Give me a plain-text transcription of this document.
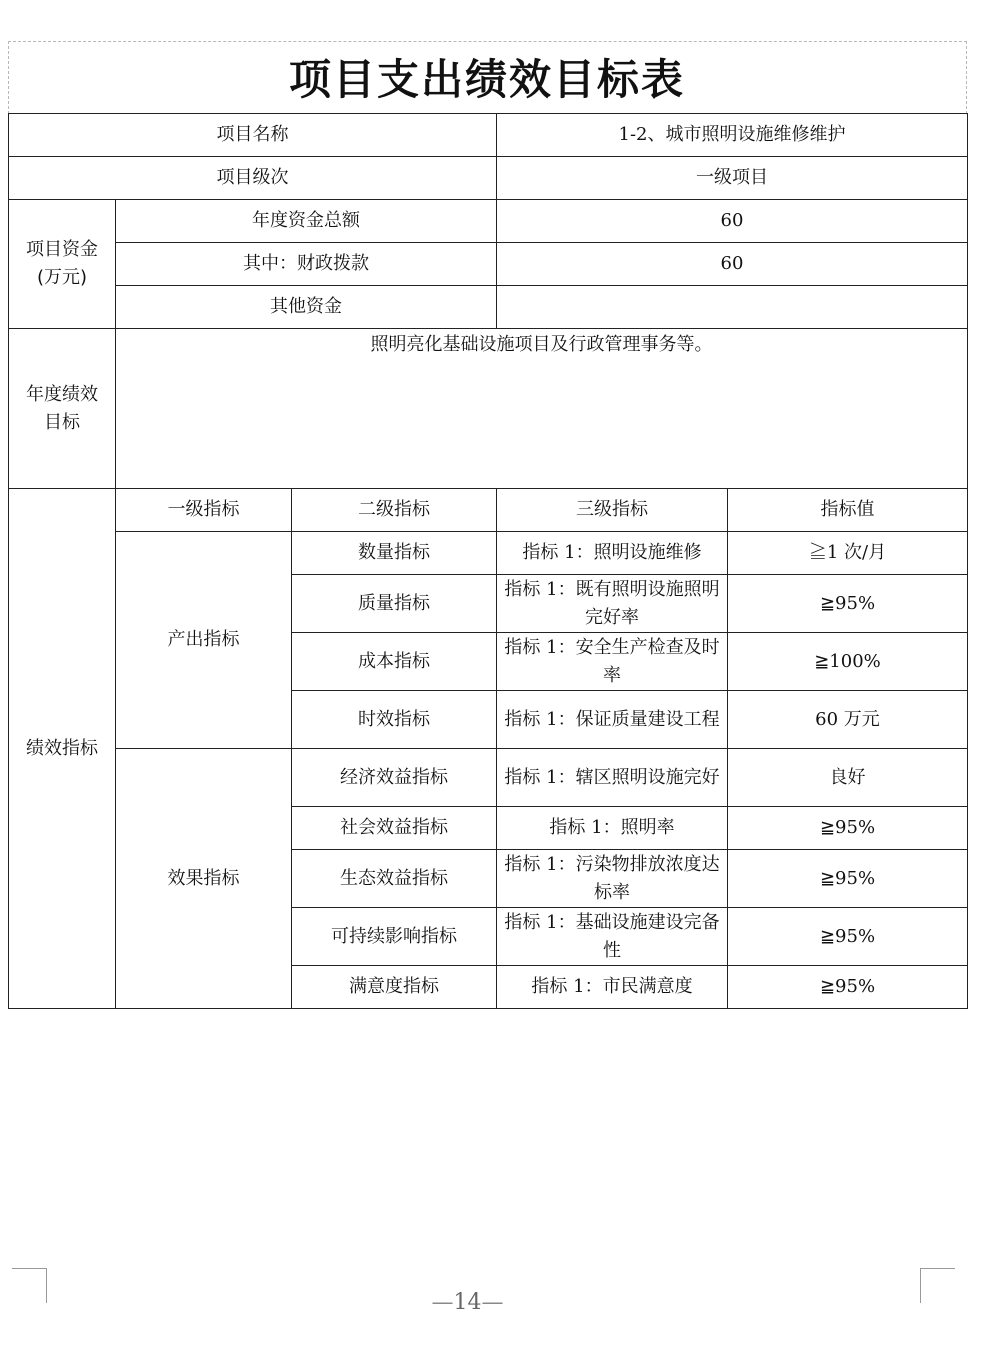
项目支出绩效目标表
项目名称			1-2、城市照明设施维修维护	
项目级次			一级项目	

项目资金
(万元)	年度资金总额		60	
	其中：财政拨款		60	
	其他资金			

年度绩效
目标	照明亮化基础设施项目及行政管理事务等。			
绩效指标	一级指标	二级指标	三级指标	指标值
	产出指标	数量指标	指标 1：照明设施维修	≧1 次/月
		质量指标	指标 1：既有照明设施照明完好率	≧95%
		成本指标	指标 1：安全生产检查及时率	≧100%
		时效指标	指标 1：保证质量建设工程	60 万元
	效果指标	经济效益指标	指标 1：辖区照明设施完好	良好
		社会效益指标	指标 1：照明率	≧95%
		生态效益指标	指标 1：污染物排放浓度达标率	≧95%
		可持续影响指标	指标 1：基础设施建设完备性	≧95%
		满意度指标	指标 1：市民满意度	≧95%
—14—
